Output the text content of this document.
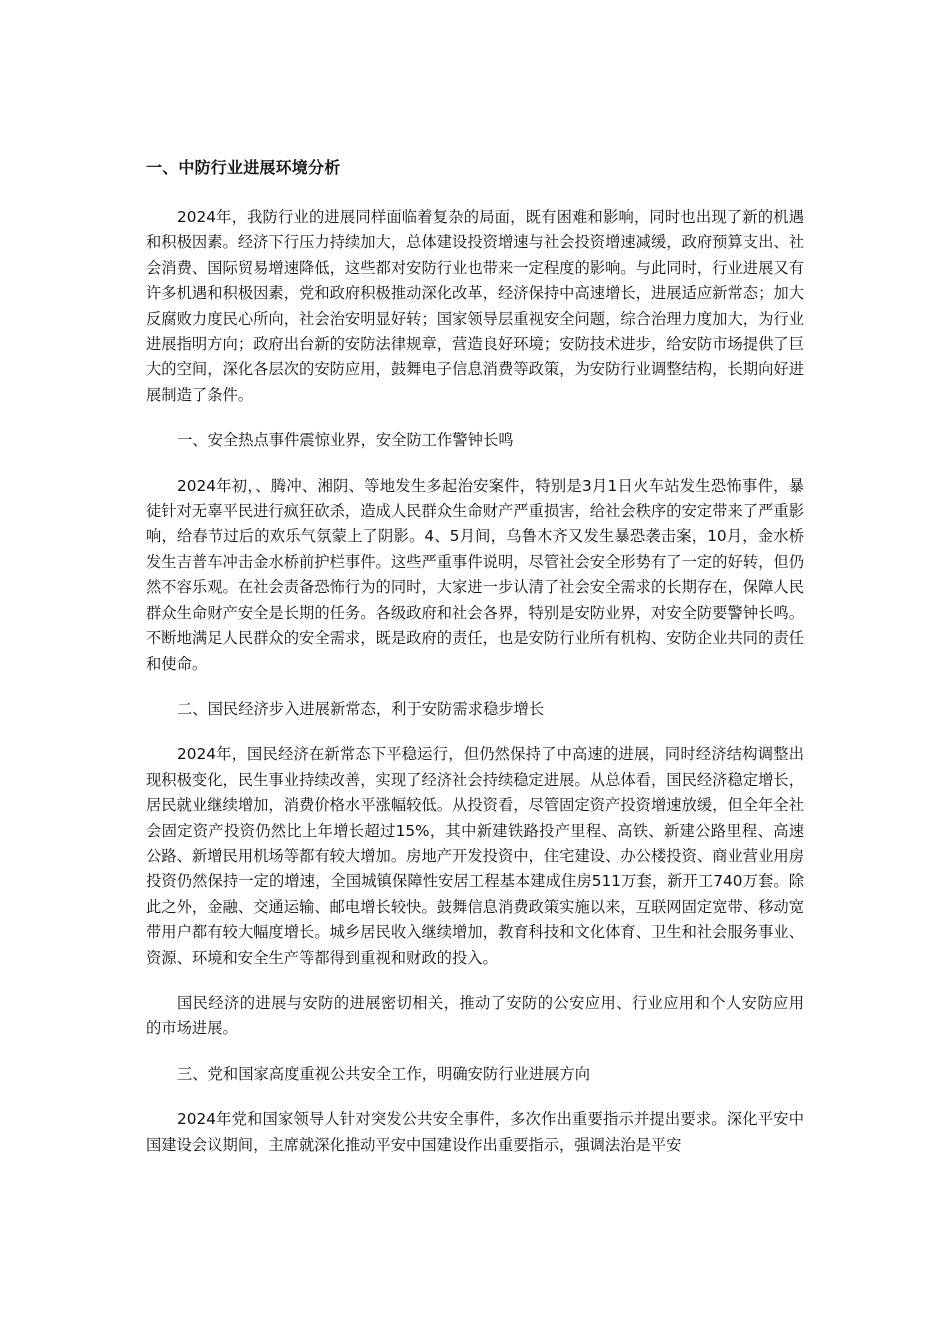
一、中防行业进展环境分析

2024年，我防行业的进展同样面临着复杂的局面，既有困难和影响，同时也出现了新的机遇和积极因素。经济下行压力持续加大，总体建设投资增速与社会投资增速减缓，政府预算支出、社会消费、国际贸易增速降低，这些都对安防行业也带来一定程度的影响。与此同时，行业进展又有许多机遇和积极因素，党和政府积极推动深化改革，经济保持中高速增长，进展适应新常态；加大反腐败力度民心所向，社会治安明显好转；国家领导层重视安全问题，综合治理力度加大，为行业进展指明方向；政府出台新的安防法律规章，营造良好环境；安防技术进步，给安防市场提供了巨大的空间，深化各层次的安防应用，鼓舞电子信息消费等政策，为安防行业调整结构，长期向好进展制造了条件。

一、安全热点事件震惊业界，安全防工作警钟长鸣

2024年初，、腾冲、湘阴、等地发生多起治安案件，特别是3月1日火车站发生恐怖事件，暴徒针对无辜平民进行疯狂砍杀，造成人民群众生命财产严重损害，给社会秩序的安定带来了严重影响，给春节过后的欢乐气氛蒙上了阴影。4、5月间，乌鲁木齐又发生暴恐袭击案，10月，金水桥发生吉普车冲击金水桥前护栏事件。这些严重事件说明，尽管社会安全形势有了一定的好转，但仍然不容乐观。在社会责备恐怖行为的同时，大家进一步认清了社会安全需求的长期存在，保障人民群众生命财产安全是长期的任务。各级政府和社会各界，特别是安防业界，对安全防要警钟长鸣。不断地满足人民群众的安全需求，既是政府的责任，也是安防行业所有机构、安防企业共同的责任和使命。

二、国民经济步入进展新常态，利于安防需求稳步增长

2024年，国民经济在新常态下平稳运行，但仍然保持了中高速的进展，同时经济结构调整出现积极变化，民生事业持续改善，实现了经济社会持续稳定进展。从总体看，国民经济稳定增长，居民就业继续增加，消费价格水平涨幅较低。从投资看，尽管固定资产投资增速放缓，但全年全社会固定资产投资仍然比上年增长超过15%，其中新建铁路投产里程、高铁、新建公路里程、高速公路、新增民用机场等都有较大增加。房地产开发投资中，住宅建设、办公楼投资、商业营业用房投资仍然保持一定的增速，全国城镇保障性安居工程基本建成住房511万套，新开工740万套。除此之外，金融、交通运输、邮电增长较快。鼓舞信息消费政策实施以来，互联网固定宽带、移动宽带用户都有较大幅度增长。城乡居民收入继续增加，教育科技和文化体育、卫生和社会服务事业、资源、环境和安全生产等都得到重视和财政的投入。

国民经济的进展与安防的进展密切相关，推动了安防的公安应用、行业应用和个人安防应用的市场进展。

三、党和国家高度重视公共安全工作，明确安防行业进展方向

2024年党和国家领导人针对突发公共安全事件，多次作出重要指示并提出要求。深化平安中国建设会议期间，主席就深化推动平安中国建设作出重要指示，强调法治是平安
